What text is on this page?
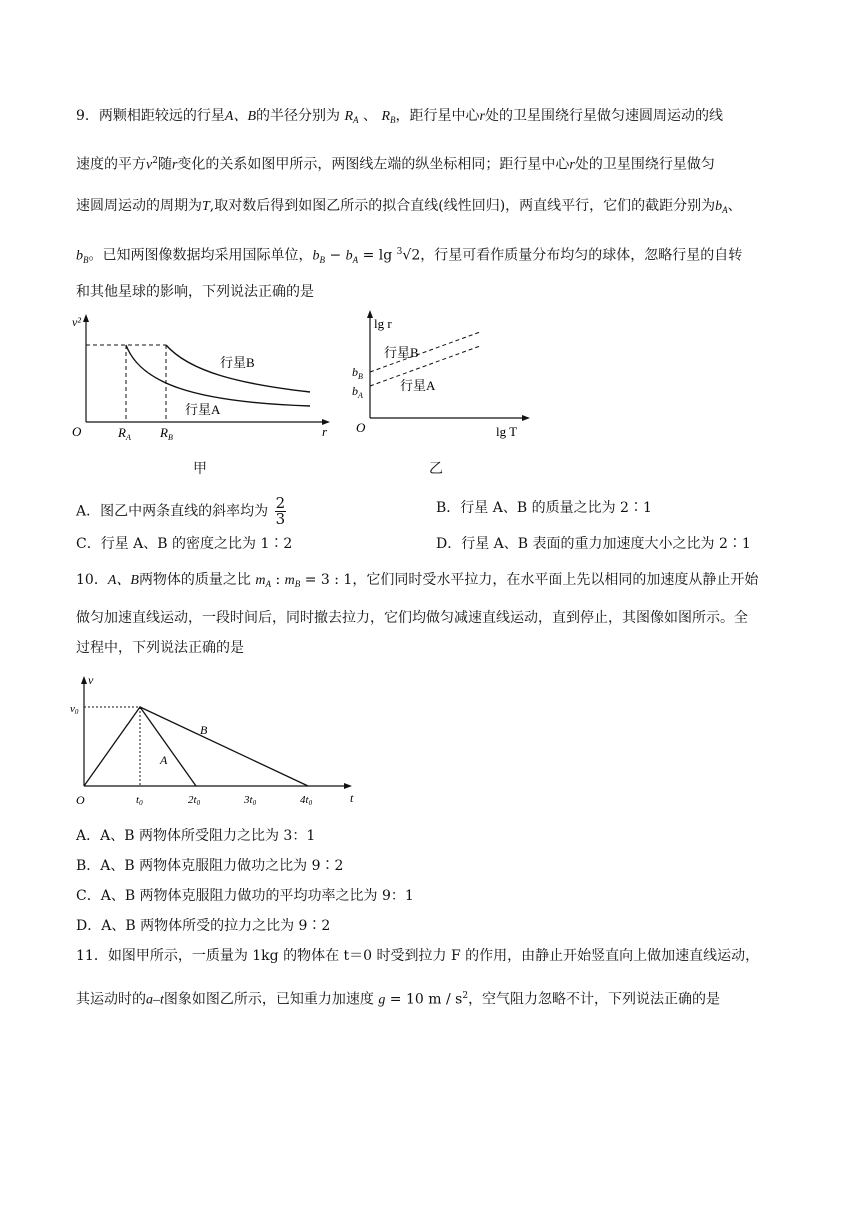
9．两颗相距较远的行星A、B的半径分别为 $R_A$ 、 $R_B$，距行星中心r处的卫星围绕行星做匀速圆周运动的线
速度的平方$v^2$随r变化的关系如图甲所示，两图线左端的纵坐标相同；距行星中心r处的卫星围绕行星做匀
速圆周运动的周期为T,取对数后得到如图乙所示的拟合直线(线性回归)，两直线平行，它们的截距分别为$b_A$、
$b_B$。已知两图像数据均采用国际单位，$b_B - b_A = \lg ^3√2$，行星可看作质量分布均匀的球体，忽略行星的自转
和其他星球的影响，下列说法正确的是
v²
r
O
行星B
行星A
$R_A$ $R_B$
甲
lg r
lg T
O
行星B
行星A
$b_B$
$b_A$
乙
A．图乙中两条直线的斜率均为 $\frac{2}{3}$	B．行星 A、B 的质量之比为 2∶1
C．行星 A、B 的密度之比为 1∶2	D．行星 A、B 表面的重力加速度大小之比为 2∶1
10．A、B两物体的质量之比 $m_A$ : $m_B = 3$ : 1，它们同时受水平拉力，在水平面上先以相同的加速度从静止开始
做匀加速直线运动，一段时间后，同时撤去拉力，它们均做匀减速直线运动，直到停止，其图像如图所示。全
过程中，下列说法正确的是
v
t
O
v0
t0	2t0	3t0	4t0
A
B
A．A、B 两物体所受阻力之比为 3：1
B．A、B 两物体克服阻力做功之比为 9∶2
C．A、B 两物体克服阻力做功的平均功率之比为 9：1
D．A、B 两物体所受的拉力之比为 9∶2
11．如图甲所示，一质量为 1kg 的物体在 t＝0 时受到拉力 F 的作用，由静止开始竖直向上做加速直线运动，
其运动时的a–t图象如图乙所示，已知重力加速度 g = 10 m / $s^2$，空气阻力忽略不计，下列说法正确的是
